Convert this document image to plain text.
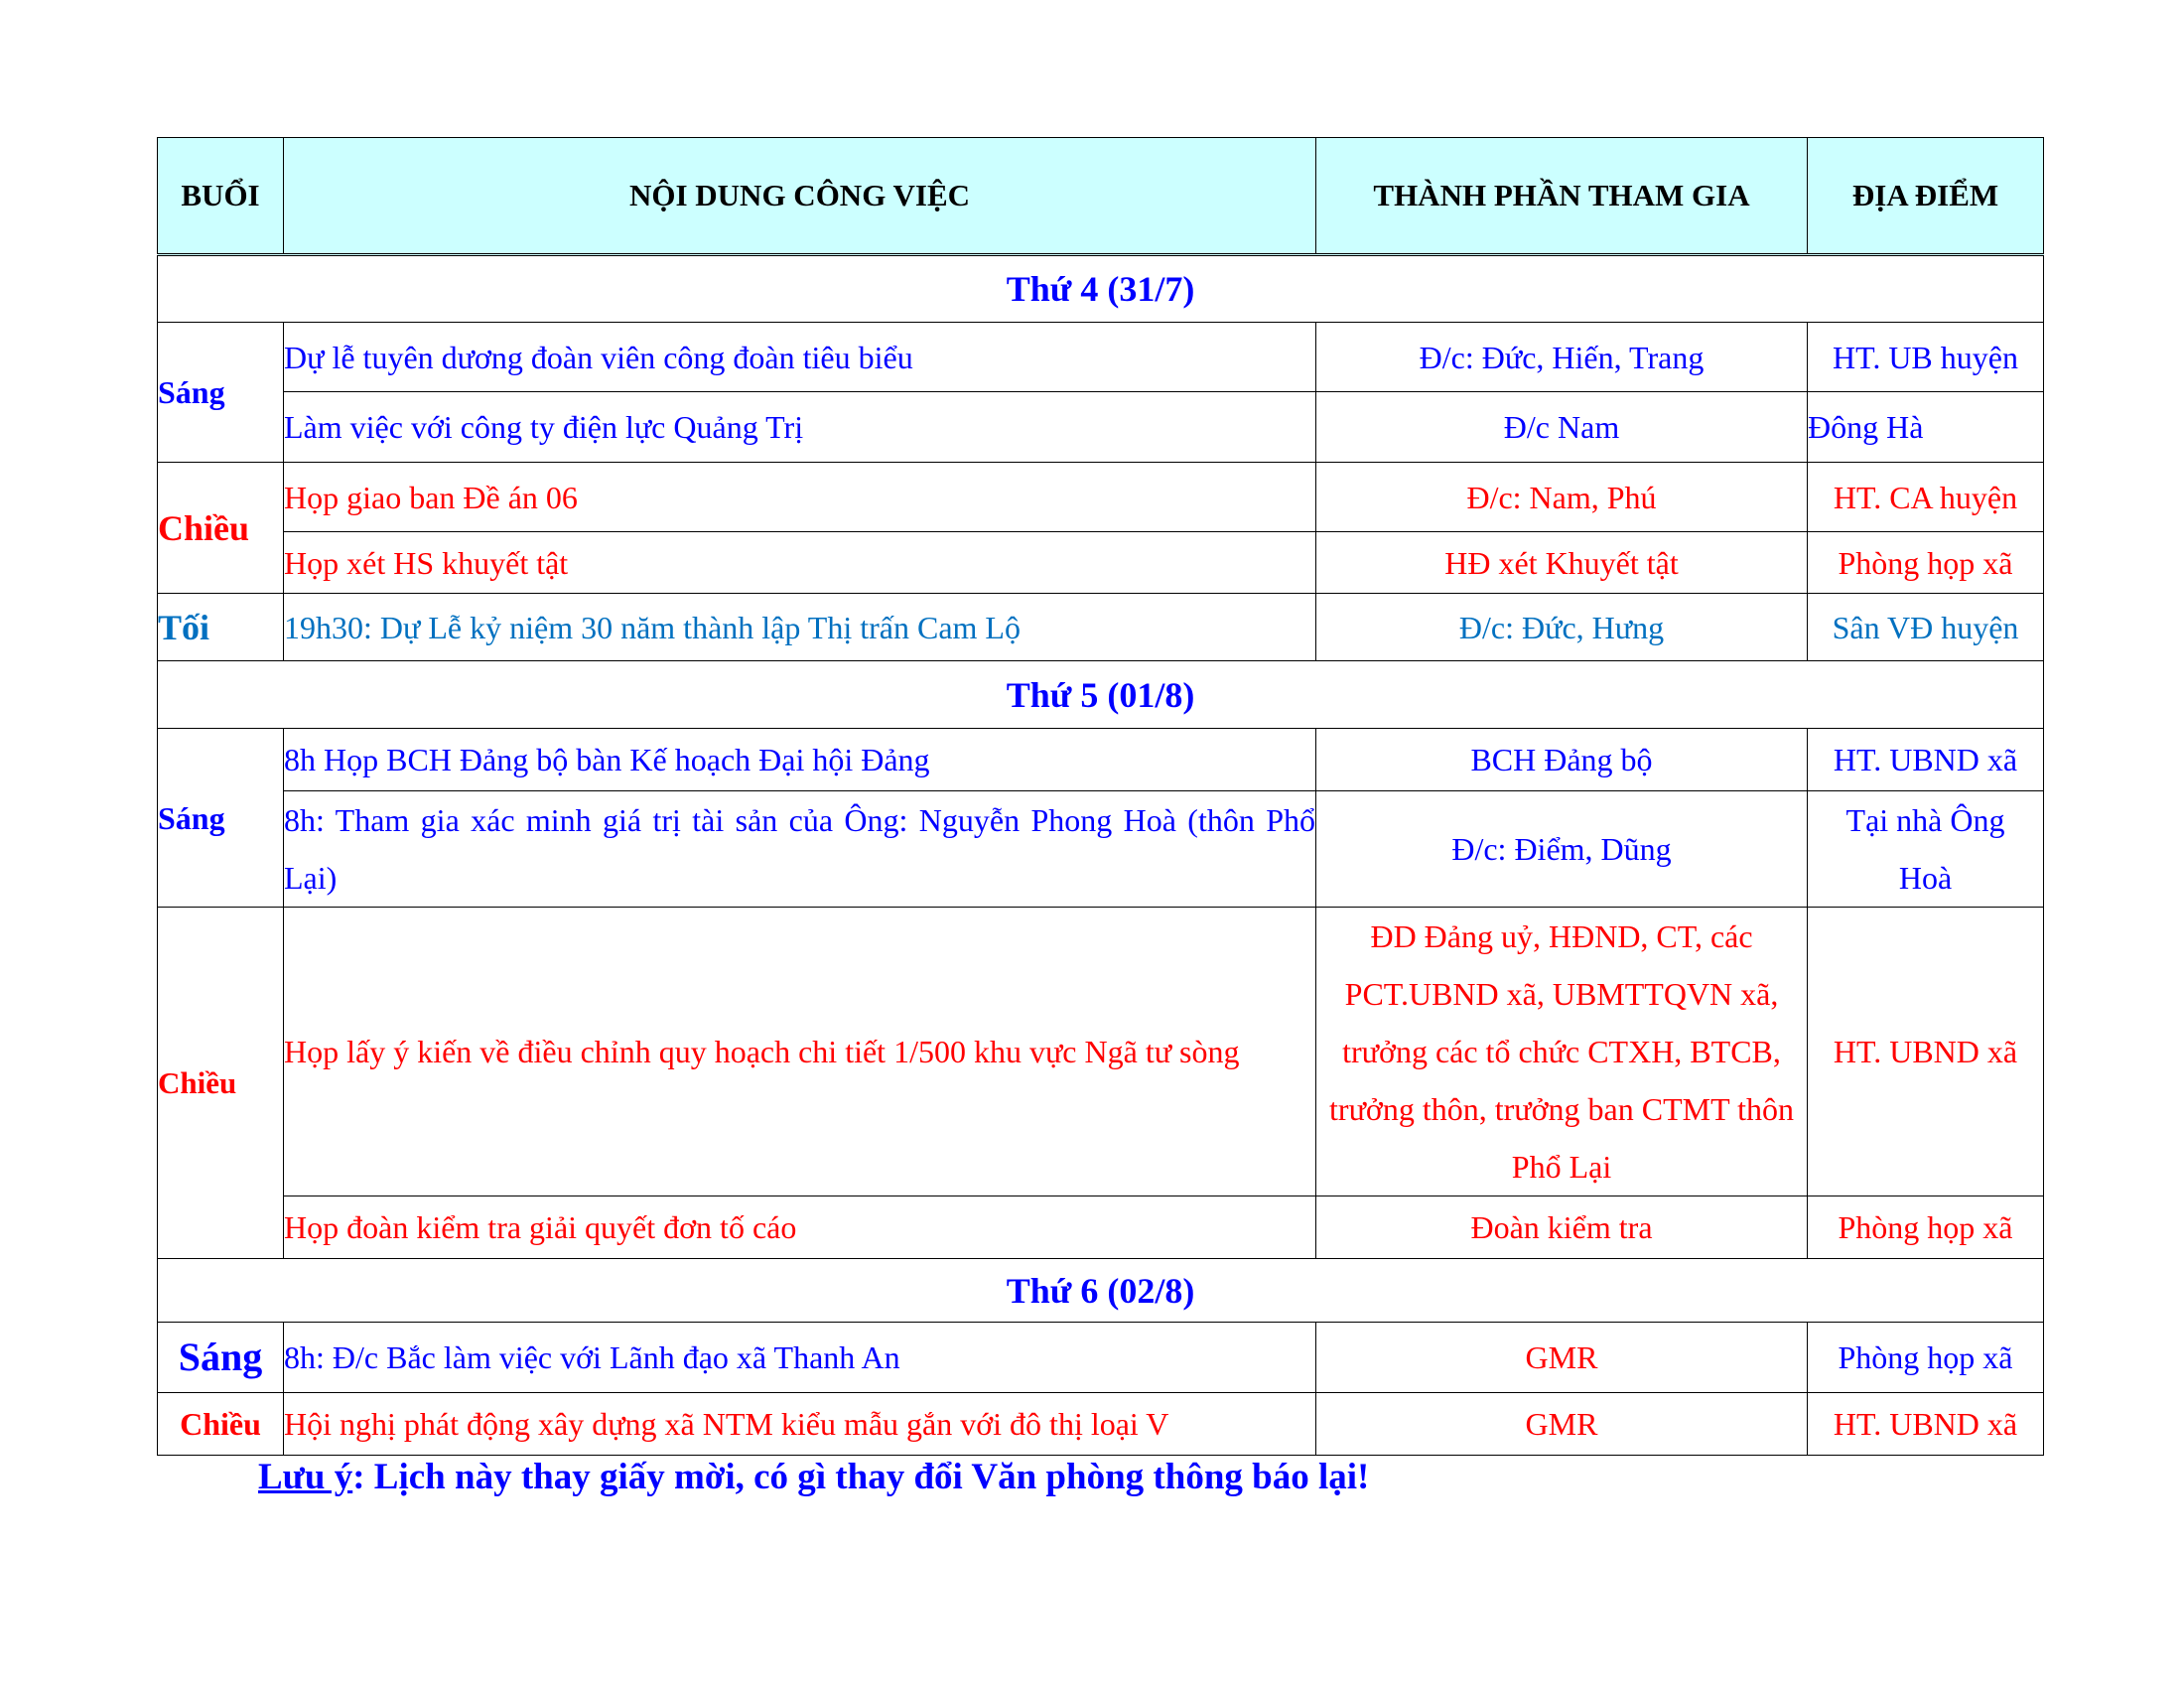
BUỔI	NỘI DUNG CÔNG VIỆC	THÀNH PHẦN THAM GIA	ĐỊA ĐIỂM
Thứ 4 (31/7)			
Sáng	Dự lễ tuyên dương đoàn viên công đoàn tiêu biểu	Đ/c: Đức, Hiến, Trang	HT. UB huyện
	Làm việc với công ty điện lực Quảng Trị	Đ/c Nam	Đông Hà
Chiều	Họp giao ban Đề án 06	Đ/c: Nam, Phú	HT. CA huyện
	Họp xét HS khuyết tật	HĐ xét Khuyết tật	Phòng họp xã
Tối	19h30: Dự Lễ kỷ niệm 30 năm thành lập Thị trấn Cam Lộ	Đ/c: Đức, Hưng	Sân VĐ huyện
Thứ 5 (01/8)			
Sáng	8h Họp BCH Đảng bộ bàn Kế hoạch Đại hội Đảng	BCH Đảng bộ	HT. UBND xã
	8h: Tham gia xác minh giá trị tài sản của Ông: Nguyễn Phong Hoà (thôn Phổ Lại)	Đ/c: Điểm, Dũng	Tại nhà Ông Hoà
Chiều	Họp lấy ý kiến về điều chỉnh quy hoạch chi tiết 1/500 khu vực Ngã tư sòng	ĐD Đảng uỷ, HĐND, CT, các PCT.UBND xã, UBMTTQVN xã, trưởng các tổ chức CTXH, BTCB, trưởng thôn, trưởng ban CTMT thôn Phổ Lại	HT. UBND xã
	Họp đoàn kiểm tra giải quyết đơn tố cáo	Đoàn kiểm tra	Phòng họp xã
Thứ 6 (02/8)			
Sáng	8h: Đ/c Bắc làm việc với Lãnh đạo xã Thanh An	GMR	Phòng họp xã
Chiều	Hội nghị phát động xây dựng xã NTM kiểu mẫu gắn với đô thị loại V	GMR	HT. UBND xã
Lưu ý: Lịch này thay giấy mời, có gì thay đổi Văn phòng thông báo lại!
